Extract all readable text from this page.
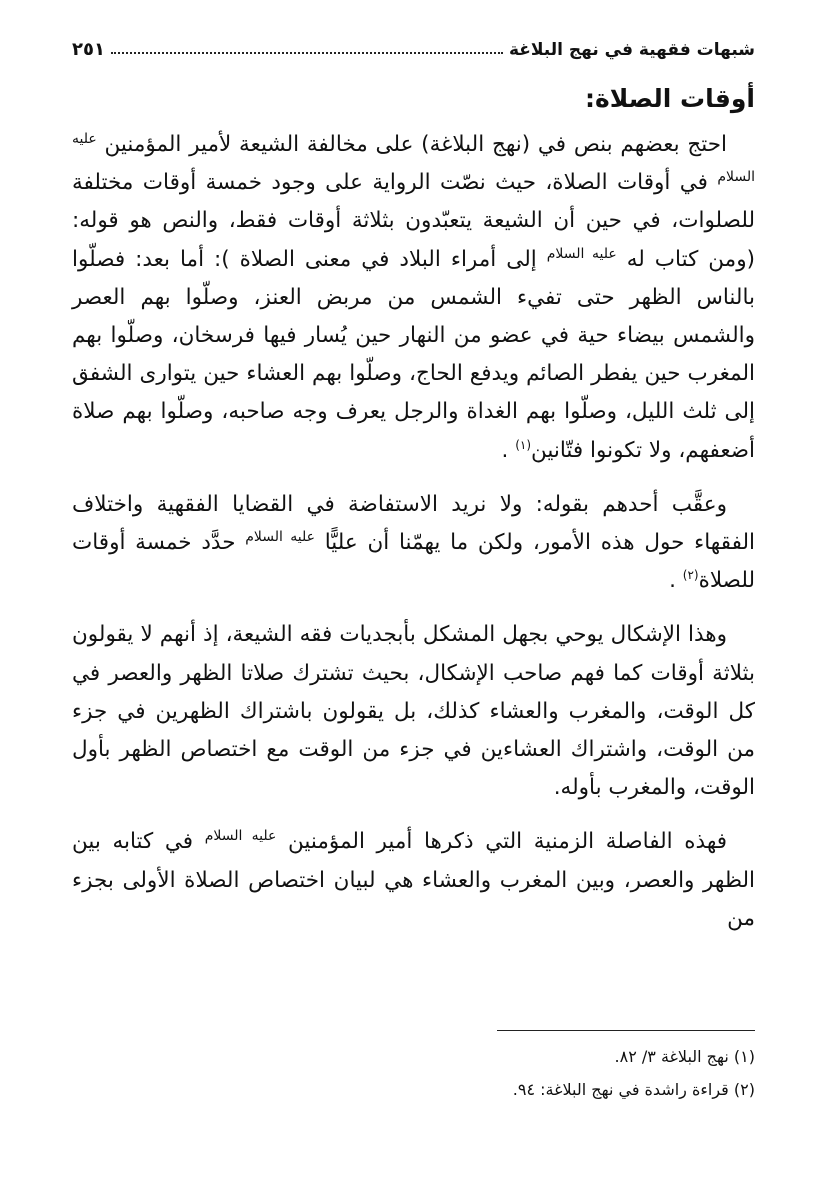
شبهات فقهية في نهج البلاغة
٢٥١
أوقات الصلاة:

احتج بعضهم بنص في (نهج البلاغة) على مخالفة الشيعة لأمير المؤمنين $^{عليه السلام}$ في أوقات الصلاة، حيث نصّت الرواية على وجود خمسة أوقات مختلفة للصلوات، في حين أن الشيعة يتعبّدون بثلاثة أوقات فقط، والنص هو قوله: (ومن كتاب له $^{عليه السلام}$ إلى أمراء البلاد في معنى الصلاة ): أما بعد: فصلّوا بالناس الظهر حتى تفيء الشمس من مربض العنز، وصلّوا بهم العصر والشمس بيضاء حية في عضو من النهار حين يُسار فيها فرسخان، وصلّوا بهم المغرب حين يفطر الصائم ويدفع الحاج، وصلّوا بهم العشاء حين يتوارى الشفق إلى ثلث الليل، وصلّوا بهم الغداة والرجل يعرف وجه صاحبه، وصلّوا بهم صلاة أضعفهم، ولا تكونوا فتّانين$^{(١)}$ .

وعقَّب أحدهم بقوله: ولا نريد الاستفاضة في القضايا الفقهية واختلاف الفقهاء حول هذه الأمور، ولكن ما يهمّنا أن عليًّا $^{عليه السلام}$ حدَّد خمسة أوقات للصلاة$^{(٢)}$ .

وهذا الإشكال يوحي بجهل المشكل بأبجديات فقه الشيعة، إذ أنهم لا يقولون بثلاثة أوقات كما فهم صاحب الإشكال، بحيث تشترك صلاتا الظهر والعصر في كل الوقت، والمغرب والعشاء كذلك، بل يقولون باشتراك الظهرين في جزء من الوقت، واشتراك العشاءين في جزء من الوقت مع اختصاص الظهر بأول الوقت، والمغرب بأوله.

فهذه الفاصلة الزمنية التي ذكرها أمير المؤمنين $^{عليه السلام}$ في كتابه بين الظهر والعصر، وبين المغرب والعشاء هي لبيان اختصاص الصلاة الأولى بجزء من

(١) نهج البلاغة ٣/ ٨٢.

(٢) قراءة راشدة في نهج البلاغة: ٩٤.
